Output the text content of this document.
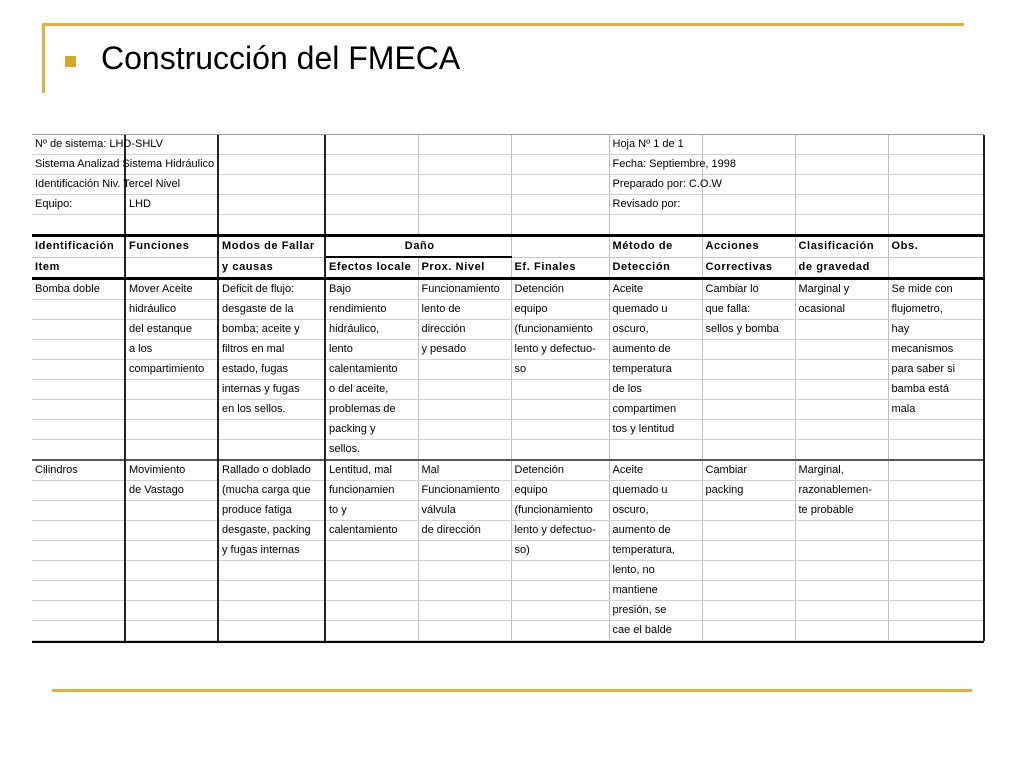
Construcción del FMECA
Nº de sistema: LHD-SHLV						Hoja Nº 1 de 1			
Sistema Analizad Sistema Hidráulico						Fecha: Septiembre, 1998			
Identificación Niv. Tercel Nivel						Preparado por: C.O.W			
Equipo:	LHD					Revisado por:			

Identificación	Funciones	Modos de Fallar	Daño			Método de	Acciones	Clasificación	Obs.
Item		y causas	Efectos locale	Prox. Nivel	Ef. Finales	Detección	Correctivas	de gravedad	
Bomba doble	Mover Aceite	Deficit de flujo:	Bajo	Funcionamiento	Detención	Aceite	Cambiar lo	Marginal y	Se mide con
	hidráulico	desgaste de la	rendimiento	lento de	equipo	quemado u	que falla:	ocasional	flujometro,
	del estanque	bomba; aceite y	hidráulico,	dirección	(funcionamiento	oscuro,	sellos y bomba		hay
	a los	filtros en mal	lento	y pesado	lento y defectuo-	aumento de			mecanismos
	compartimiento	estado, fugas	calentamiento		so	temperatura			para saber si
		internas y fugas	o del aceite,			de los			bamba está
		en los sellos.	problemas de			compartimen			mala
			packing y			tos y lentitud			
			sellos.						
Cilindros	Movimiento	Rallado o doblado	Lentitud, mal	Mal	Detención	Aceite	Cambiar	Marginal,	
	de Vastago	(mucha carga que	funcionamien	Funcionamiento	equipo	quemado u	packing	razonablemen-	
		produce fatiga	to y	válvula	(funcionamiento	oscuro,		te probable	
		desgaste, packing	calentamiento	de dirección	lento y defectuo-	aumento de			
		y fugas internas			so)	temperatura,			
						lento, no			
						mantiene			
						presión, se			
						cae el balde			
